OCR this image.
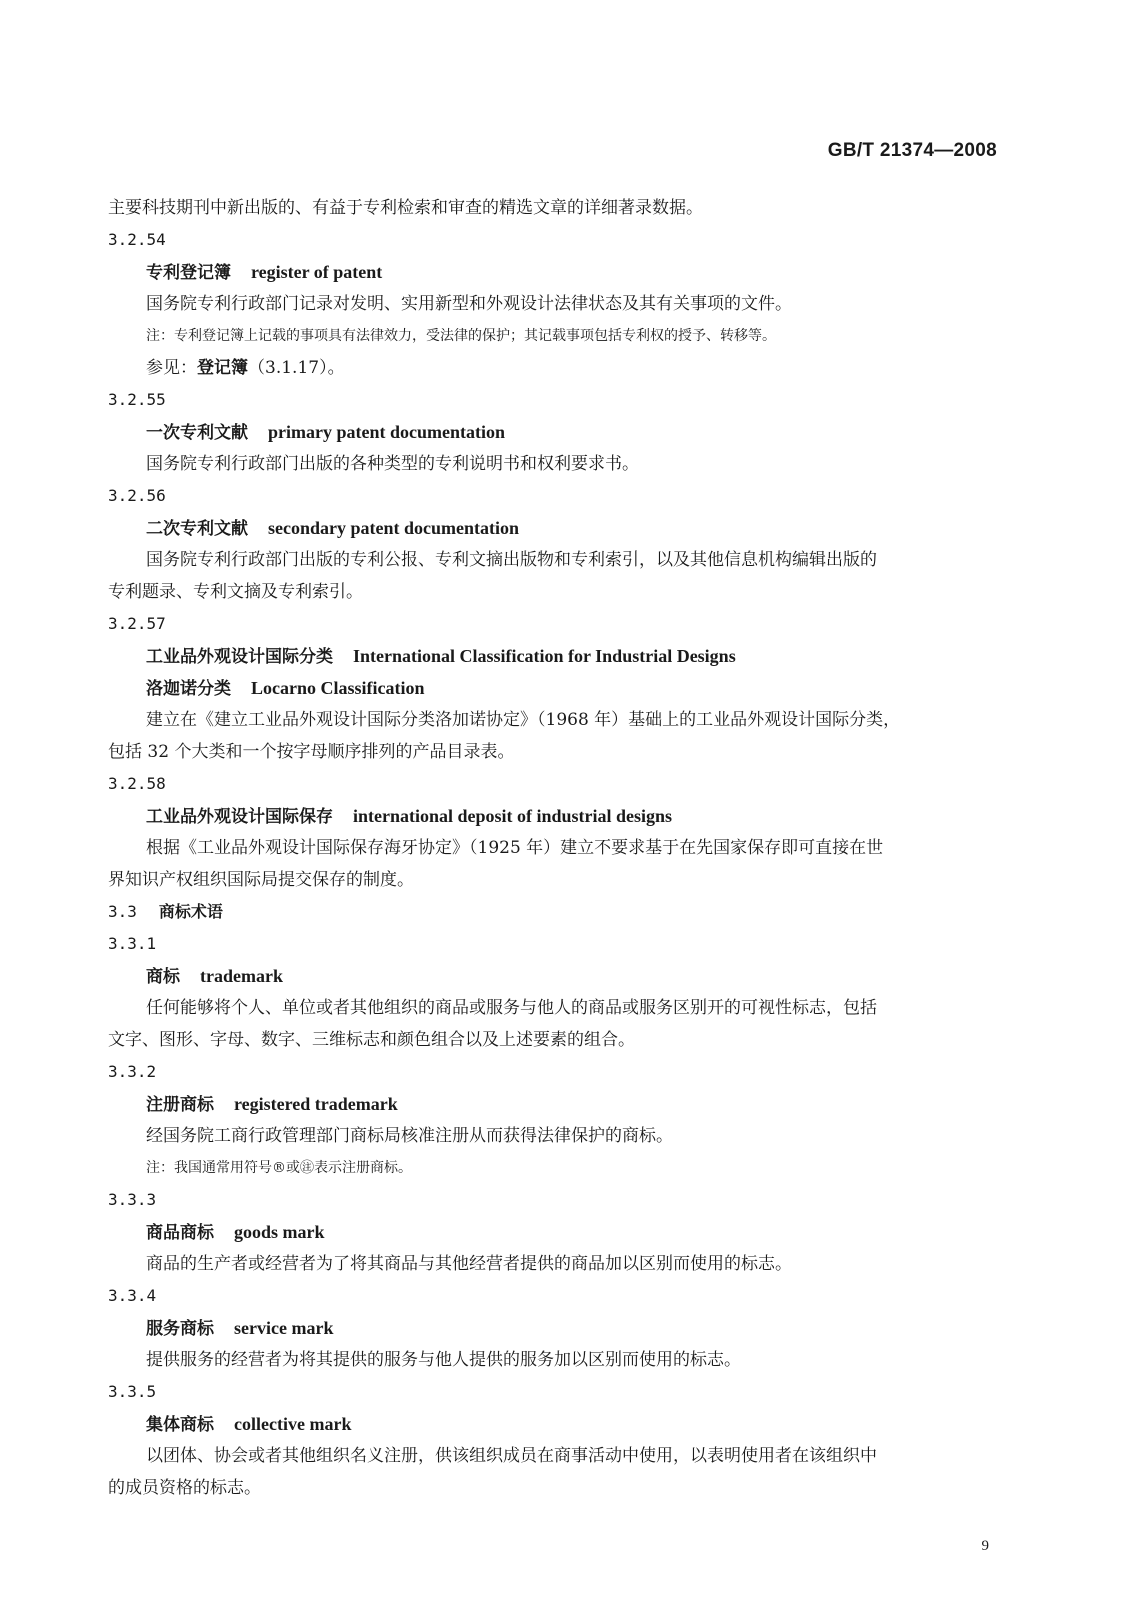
GB/T 21374—2008
主要科技期刊中新出版的、有益于专利检索和审查的精选文章的详细著录数据。
3.2.54
专利登记簿 register of patent
国务院专利行政部门记录对发明、实用新型和外观设计法律状态及其有关事项的文件。
注：专利登记簿上记载的事项具有法律效力，受法律的保护；其记载事项包括专利权的授予、转移等。
参见：登记簿（3.1.17）。
3.2.55
一次专利文献 primary patent documentation
国务院专利行政部门出版的各种类型的专利说明书和权利要求书。
3.2.56
二次专利文献 secondary patent documentation
国务院专利行政部门出版的专利公报、专利文摘出版物和专利索引，以及其他信息机构编辑出版的
专利题录、专利文摘及专利索引。
3.2.57
工业品外观设计国际分类 International Classification for Industrial Designs
洛迦诺分类 Locarno Classification
建立在《建立工业品外观设计国际分类洛加诺协定》（1968 年）基础上的工业品外观设计国际分类，
包括 32 个大类和一个按字母顺序排列的产品目录表。
3.2.58
工业品外观设计国际保存 international deposit of industrial designs
根据《工业品外观设计国际保存海牙协定》（1925 年）建立不要求基于在先国家保存即可直接在世
界知识产权组织国际局提交保存的制度。
3.3 商标术语
3.3.1
商标 trademark
任何能够将个人、单位或者其他组织的商品或服务与他人的商品或服务区别开的可视性标志，包括
文字、图形、字母、数字、三维标志和颜色组合以及上述要素的组合。
3.3.2
注册商标 registered trademark
经国务院工商行政管理部门商标局核准注册从而获得法律保护的商标。
注：我国通常用符号®或㊟表示注册商标。
3.3.3
商品商标 goods mark
商品的生产者或经营者为了将其商品与其他经营者提供的商品加以区别而使用的标志。
3.3.4
服务商标 service mark
提供服务的经营者为将其提供的服务与他人提供的服务加以区别而使用的标志。
3.3.5
集体商标 collective mark
以团体、协会或者其他组织名义注册，供该组织成员在商事活动中使用，以表明使用者在该组织中
的成员资格的标志。
9
